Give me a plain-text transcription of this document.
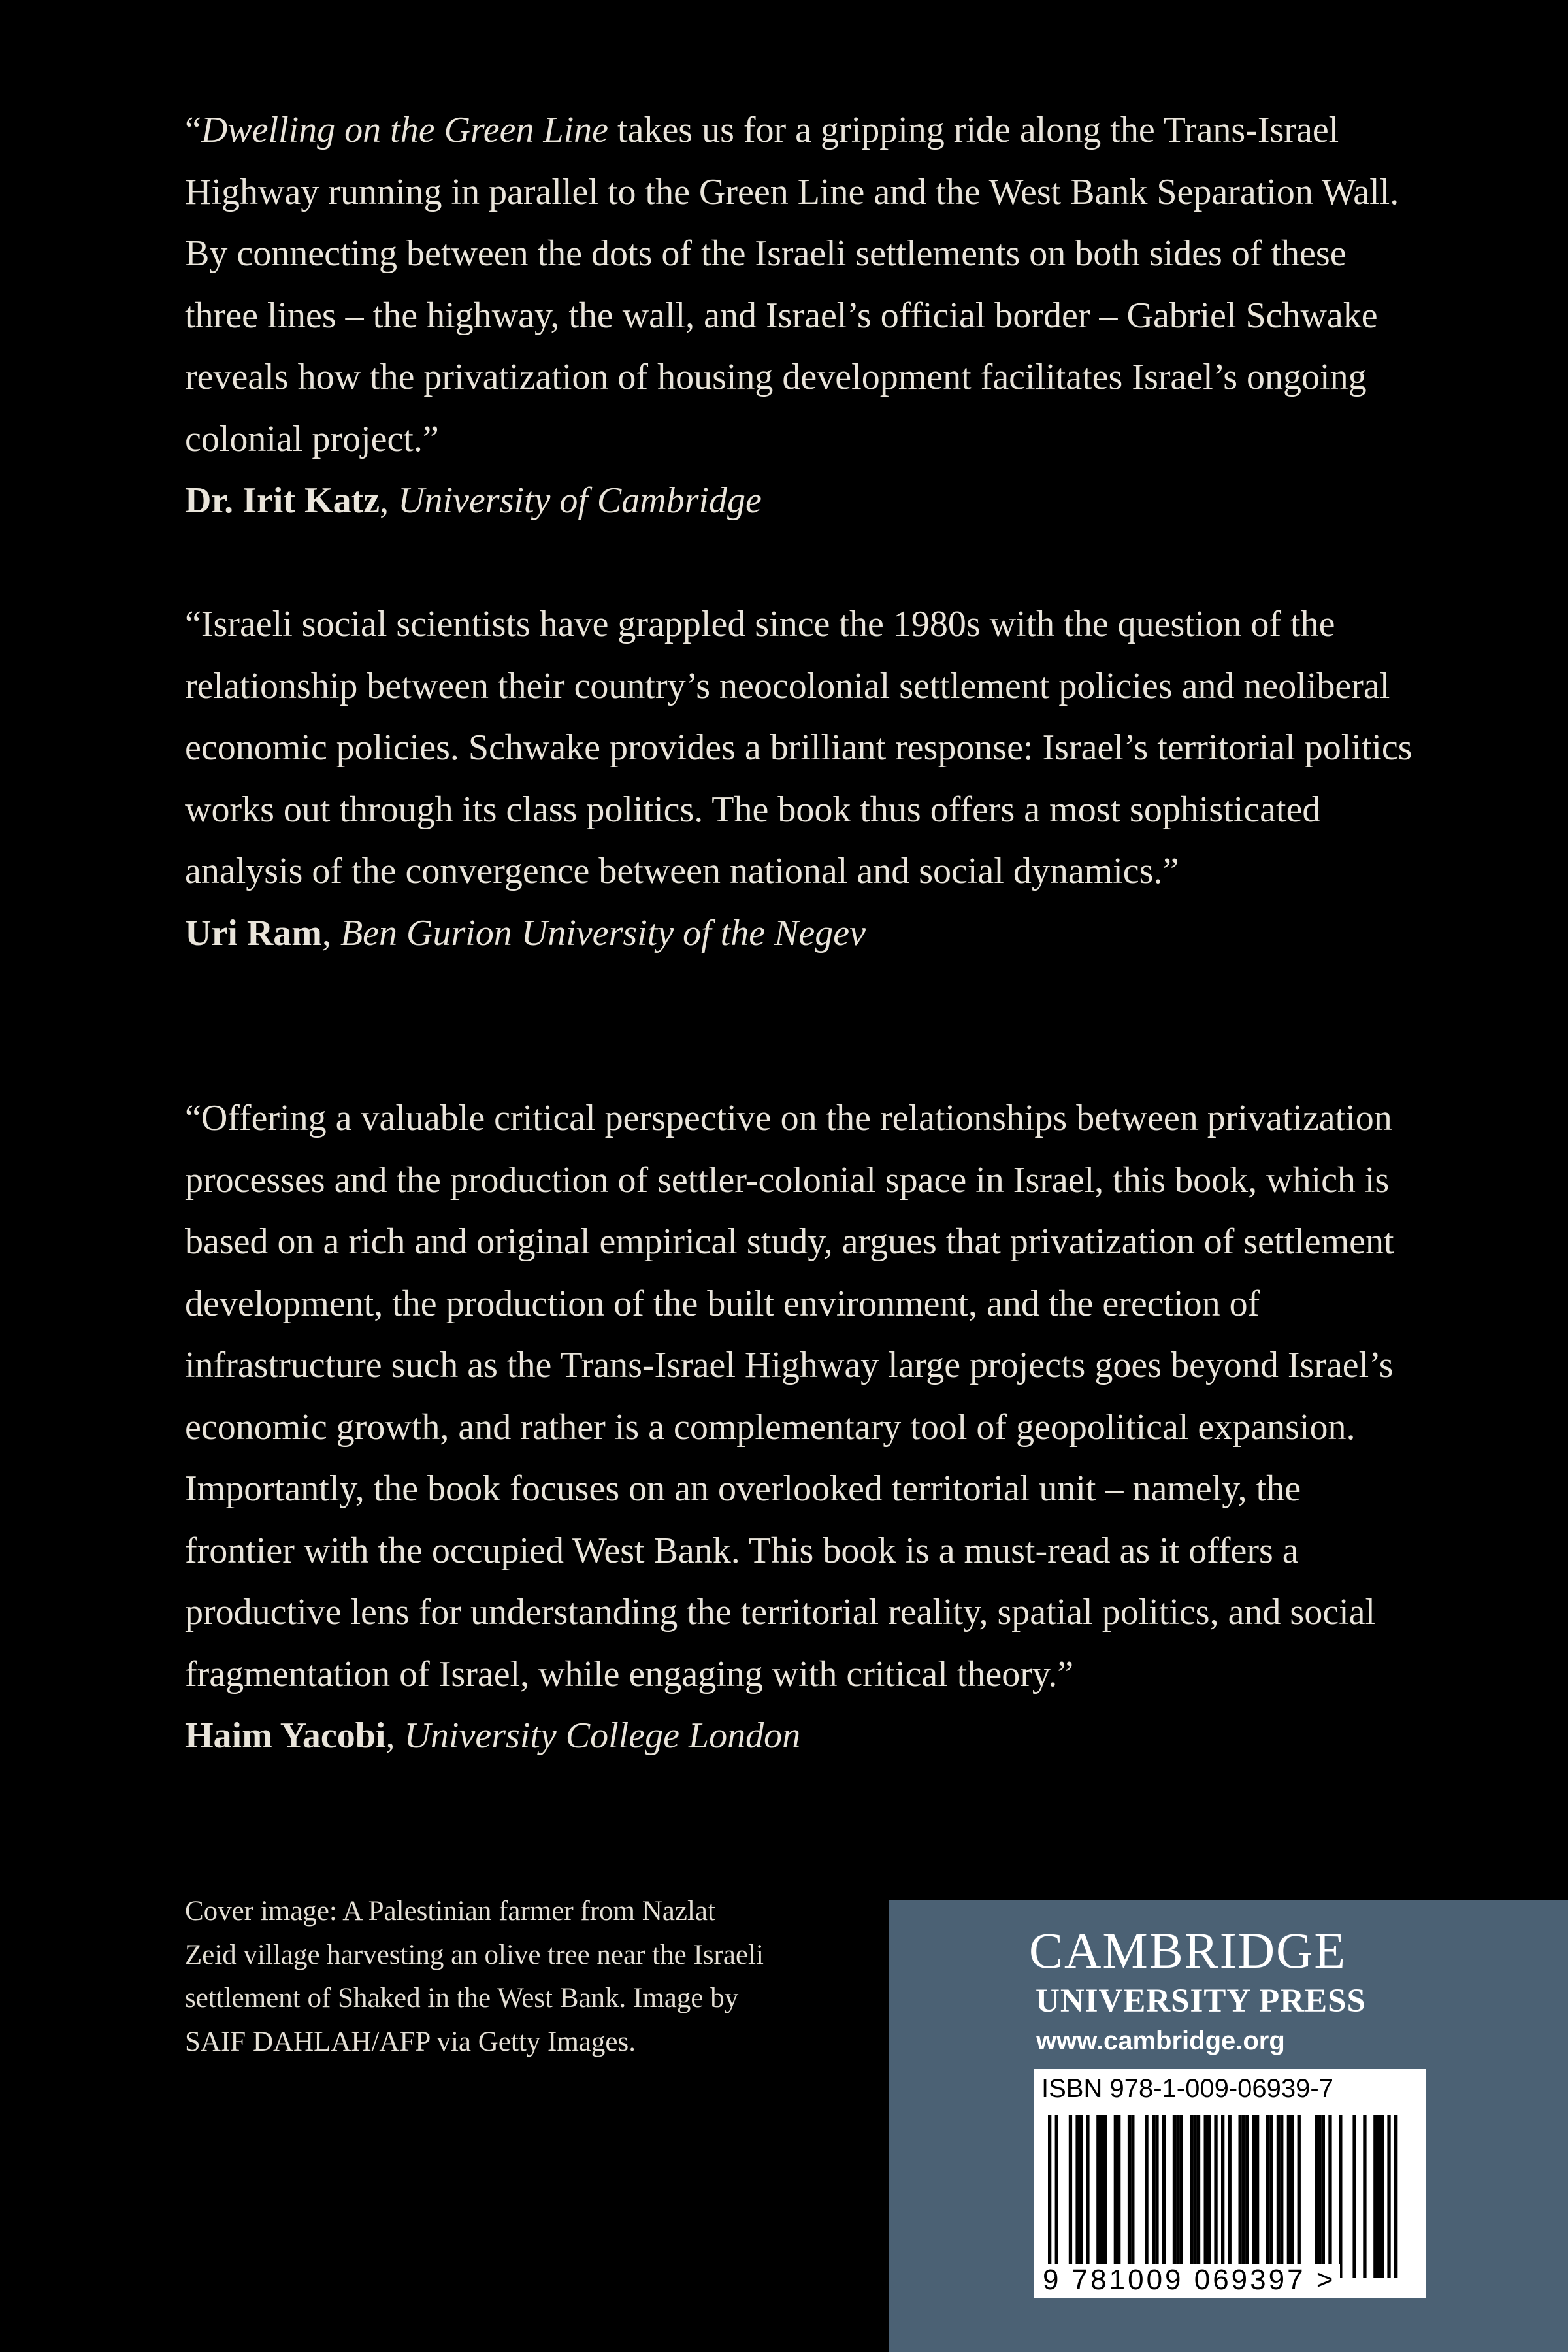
“Dwelling on the Green Line takes us for a gripping ride along the Trans-Israel Highway running in parallel to the Green Line and the West Bank Separation Wall. By connecting between the dots of the Israeli settlements on both sides of these three lines – the highway, the wall, and Israel’s official border – Gabriel Schwake reveals how the privatization of housing development facilitates Israel’s ongoing colonial project.”
Dr. Irit Katz, University of Cambridge
“Israeli social scientists have grappled since the 1980s with the question of the relationship between their country’s neocolonial settlement policies and neoliberal economic policies. Schwake provides a brilliant response: Israel’s territorial politics works out through its class politics. The book thus offers a most sophisticated analysis of the convergence between national and social dynamics.”
Uri Ram, Ben Gurion University of the Negev
“Offering a valuable critical perspective on the relationships between privatization processes and the production of settler-colonial space in Israel, this book, which is based on a rich and original empirical study, argues that privatization of settlement development, the production of the built environment, and the erection of infrastructure such as the Trans-Israel Highway large projects goes beyond Israel’s economic growth, and rather is a complementary tool of geopolitical expansion. Importantly, the book focuses on an overlooked territorial unit – namely, the frontier with the occupied West Bank. This book is a must-read as it offers a productive lens for understanding the territorial reality, spatial politics, and social fragmentation of Israel, while engaging with critical theory.”
Haim Yacobi, University College London

Cover image: A Palestinian farmer from Nazlat Zeid village harvesting an olive tree near the Israeli settlement of Shaked in the West Bank. Image by SAIF DAHLAH/AFP via Getty Images.

CAMBRIDGE
UNIVERSITY PRESS
www.cambridge.org
ISBN 978-1-009-06939-7
9 781009 069397 >
